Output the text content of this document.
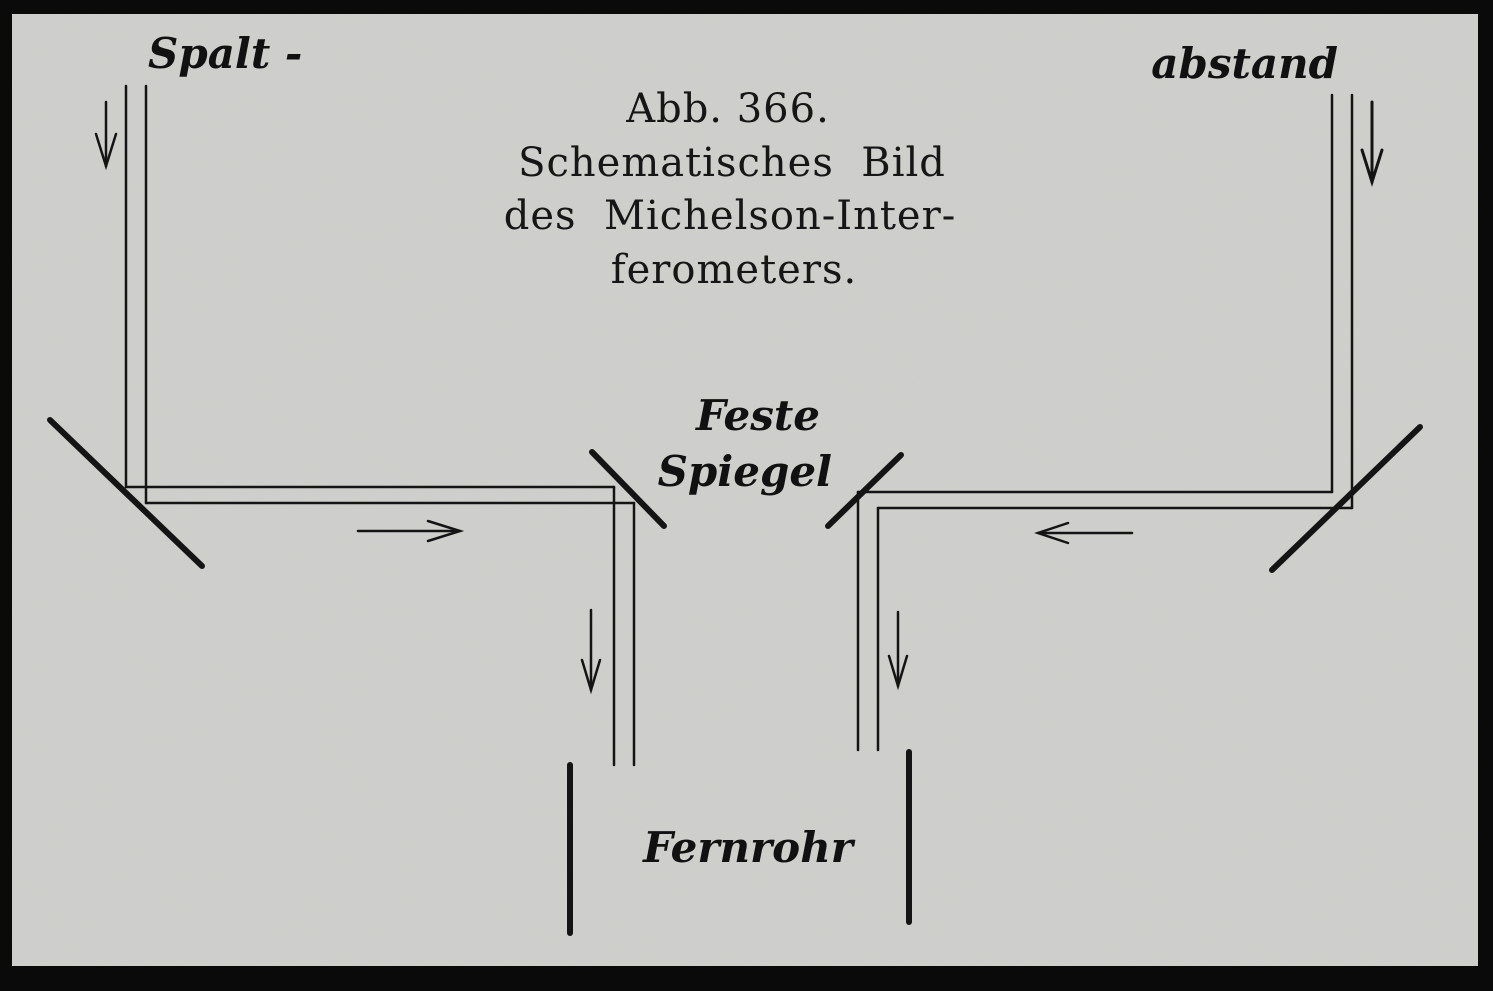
Abb. 366.
Schematisches  Bild
des  Michelson-Inter-
ferometers.
Spalt -	abstand
Feste
Spiegel
Fernrohr
